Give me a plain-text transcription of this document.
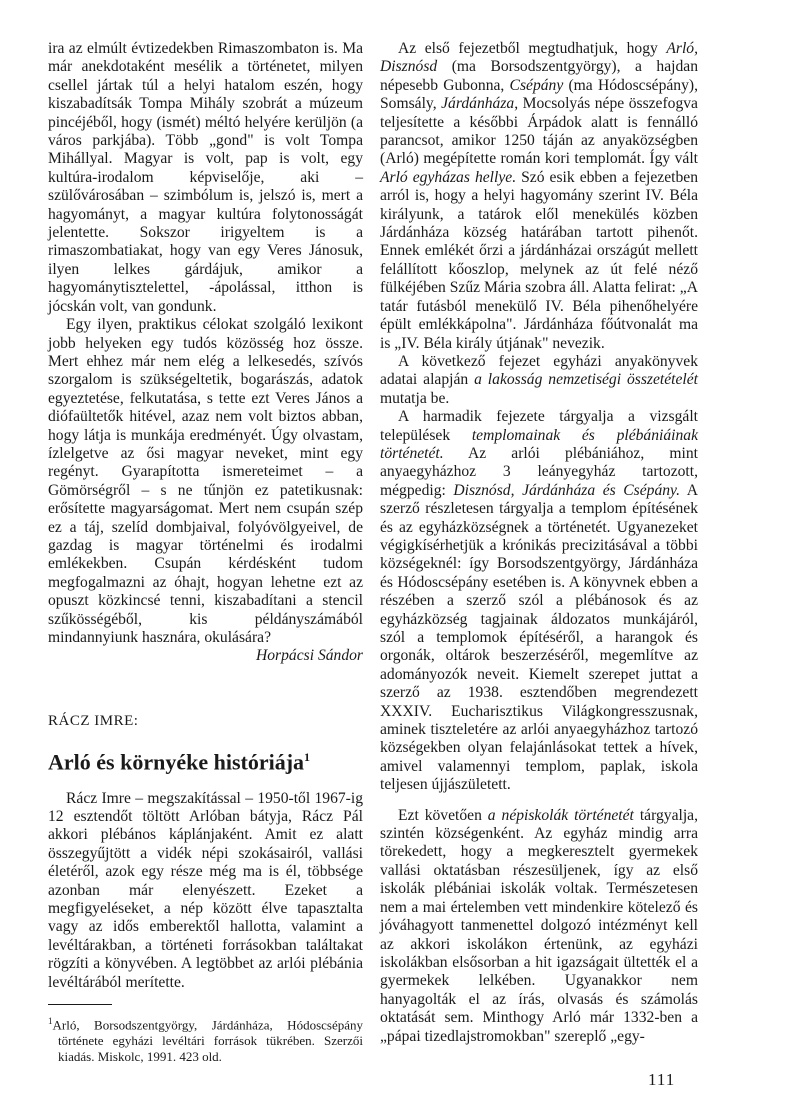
ira az elmúlt évtizedekben Rimaszombaton is. Ma már anekdotaként mesélik a történetet, milyen csellel jártak túl a helyi hatalom eszén, hogy kiszabadítsák Tompa Mihály szobrát a múzeum pincéjéből, hogy (ismét) méltó helyére kerüljön (a város parkjába). Több „gond" is volt Tompa Mihállyal. Magyar is volt, pap is volt, egy kultúra-irodalom képviselője, aki – szülővárosában – szimbólum is, jelszó is, mert a hagyományt, a magyar kultúra folytonosságát jelentette. Sokszor irigyeltem is a rimaszombatiakat, hogy van egy Veres Jánosuk, ilyen lelkes gárdájuk, amikor a hagyománytisztelettel, -ápolással, itthon is jócskán volt, van gondunk.

Egy ilyen, praktikus célokat szolgáló lexikont jobb helyeken egy tudós közösség hoz össze. Mert ehhez már nem elég a lelkesedés, szívós szorgalom is szükségeltetik, bogarászás, adatok egyeztetése, felkutatása, s tette ezt Veres János a diófaültetők hitével, azaz nem volt biztos abban, hogy látja is munkája eredményét. Úgy olvastam, ízlelgetve az ősi magyar neveket, mint egy regényt. Gyarapította ismereteimet – a Gömörségről – s ne tűnjön ez patetikusnak: erősítette magyarságomat. Mert nem csupán szép ez a táj, szelíd dombjaival, folyóvölgyeivel, de gazdag is magyar történelmi és irodalmi emlékekben. Csupán kérdésként tudom megfogalmazni az óhajt, hogyan lehetne ezt az opuszt közkincsé tenni, kiszabadítani a stencil szűkösségéből, kis példányszámából mindannyiunk hasznára, okulására?

Horpácsi Sándor

RÁCZ IMRE:

Arló és környéke históriája$^1$

Rácz Imre – megszakítással – 1950-től 1967-ig 12 esztendőt töltött Arlóban bátyja, Rácz Pál akkori plébános káplánjaként. Amit ez alatt összegyűjtött a vidék népi szokásairól, vallási életéről, azok egy része még ma is él, többsége azonban már elenyészett. Ezeket a megfigyeléseket, a nép között élve tapasztalta vagy az idős emberektől hallotta, valamint a levéltárakban, a történeti forrásokban találtakat rögzíti a könyvében. A legtöbbet az arlói plébánia levéltárából merítette.

$^1$Arló, Borsodszentgyörgy, Járdánháza, Hódoscsépány története egyházi levéltári források tükrében. Szerzői kiadás. Miskolc, 1991. 423 old.

Az első fejezetből megtudhatjuk, hogy Arló, Disznósd (ma Borsodszentgyörgy), a hajdan népesebb Gubonna, Csépány (ma Hódoscsépány), Somsály, Járdánháza, Mocsolyás népe összefogva teljesítette a későbbi Árpádok alatt is fennálló parancsot, amikor 1250 táján az anyaközségben (Arló) megépítette román kori templomát. Így vált Arló egyházas hellye. Szó esik ebben a fejezetben arról is, hogy a helyi hagyomány szerint IV. Béla királyunk, a tatárok elől menekülés közben Járdánháza község határában tartott pihenőt. Ennek emlékét őrzi a járdánházai országút mellett felállított kőoszlop, melynek az út felé néző fülkéjében Szűz Mária szobra áll. Alatta felirat: „A tatár futásból menekülő IV. Béla pihenőhelyére épült emlékkápolna". Járdánháza főútvonalát ma is „IV. Béla király útjának" nevezik.

A következő fejezet egyházi anyakönyvek adatai alapján a lakosság nemzetiségi összetételét mutatja be.

A harmadik fejezete tárgyalja a vizsgált települések templomainak és plébániáinak történetét. Az arlói plébániához, mint anyaegyházhoz 3 leányegyház tartozott, mégpedig: Disznósd, Járdánháza és Csépány. A szerző részletesen tárgyalja a templom építésének és az egyházközségnek a történetét. Ugyanezeket végigkísérhetjük a krónikás precizitásával a többi községeknél: így Borsodszentgyörgy, Járdánháza és Hódoscsépány esetében is. A könyvnek ebben a részében a szerző szól a plébánosok és az egyházközség tagjainak áldozatos munkájáról, szól a templomok építéséről, a harangok és orgonák, oltárok beszerzéséről, megemlítve az adományozók neveit. Kiemelt szerepet juttat a szerző az 1938. esztendőben megrendezett XXXIV. Eucharisztikus Világkongresszusnak, aminek tiszteletére az arlói anyaegyházhoz tartozó községekben olyan felajánlásokat tettek a hívek, amivel valamennyi templom, paplak, iskola teljesen újjászületett.

Ezt követően a népiskolák történetét tárgyalja, szintén községenként. Az egyház mindig arra törekedett, hogy a megkeresztelt gyermekek vallási oktatásban részesüljenek, így az első iskolák plébániai iskolák voltak. Természetesen nem a mai értelemben vett mindenkire kötelező és jóváhagyott tanmenettel dolgozó intézményt kell az akkori iskolákon értenünk, az egyházi iskolákban elsősorban a hit igazságait ültették el a gyermekek lelkében. Ugyanakkor nem hanyagolták el az írás, olvasás és számolás oktatását sem. Minthogy Arló már 1332-ben a „pápai tizedlajstromokban" szereplő „egy-

111
